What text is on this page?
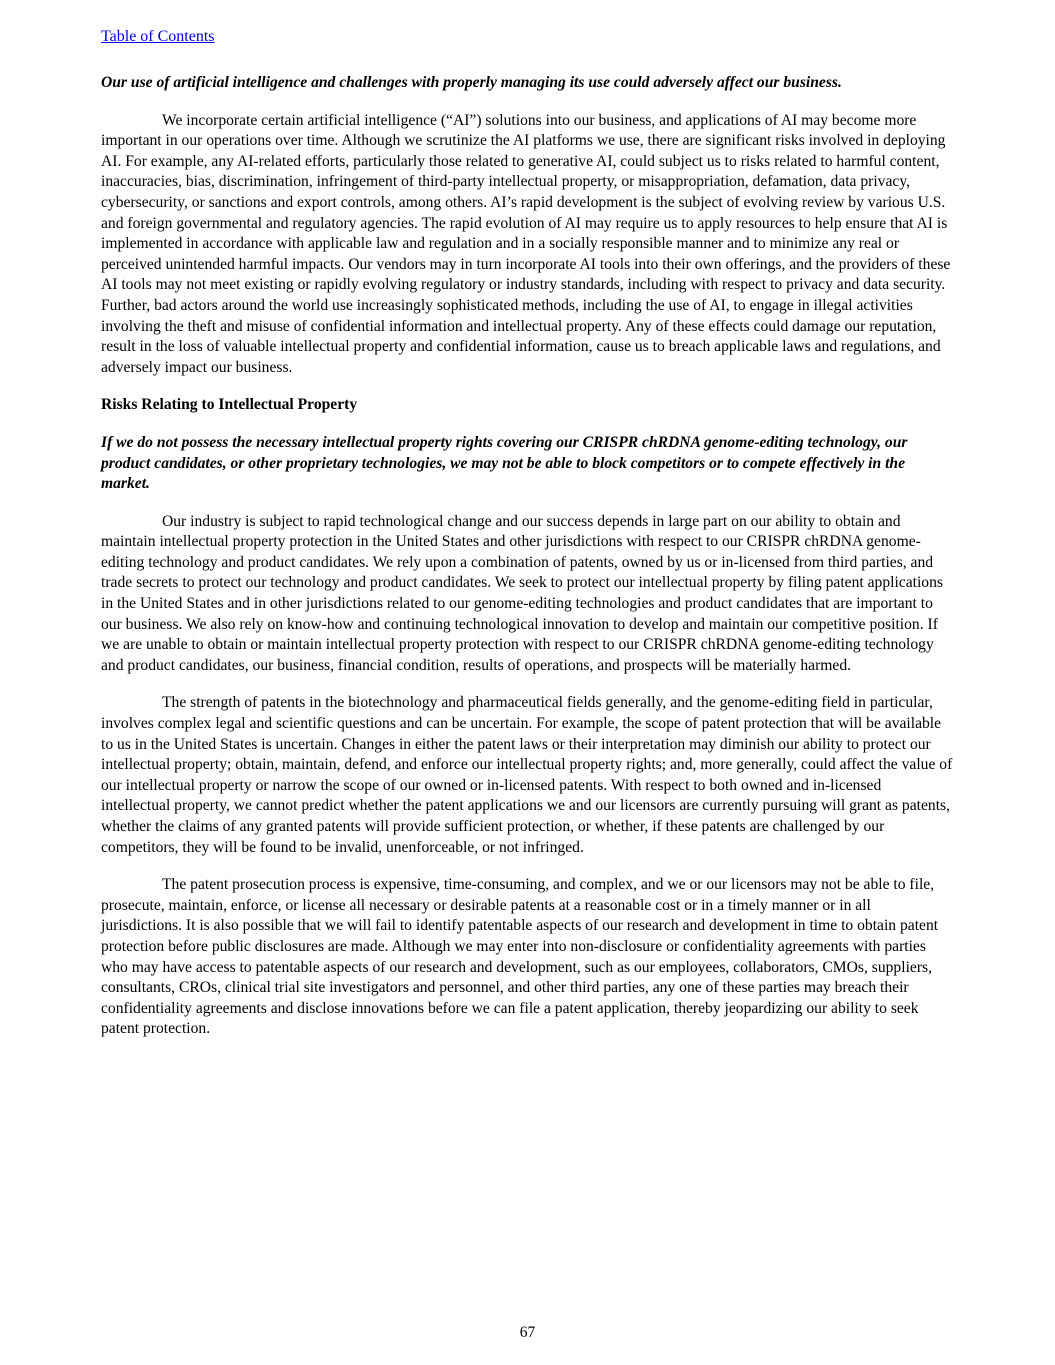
Table of Contents

Our use of artificial intelligence and challenges with properly managing its use could adversely affect our business.

We incorporate certain artificial intelligence (“AI”) solutions into our business, and applications of AI may become more important in our operations over time. Although we scrutinize the AI platforms we use, there are significant risks involved in deploying AI. For example, any AI-related efforts, particularly those related to generative AI, could subject us to risks related to harmful content, inaccuracies, bias, discrimination, infringement of third-party intellectual property, or misappropriation, defamation, data privacy, cybersecurity, or sanctions and export controls, among others. AI’s rapid development is the subject of evolving review by various U.S. and foreign governmental and regulatory agencies. The rapid evolution of AI may require us to apply resources to help ensure that AI is implemented in accordance with applicable law and regulation and in a socially responsible manner and to minimize any real or perceived unintended harmful impacts. Our vendors may in turn incorporate AI tools into their own offerings, and the providers of these AI tools may not meet existing or rapidly evolving regulatory or industry standards, including with respect to privacy and data security. Further, bad actors around the world use increasingly sophisticated methods, including the use of AI, to engage in illegal activities involving the theft and misuse of confidential information and intellectual property. Any of these effects could damage our reputation, result in the loss of valuable intellectual property and confidential information, cause us to breach applicable laws and regulations, and adversely impact our business.

Risks Relating to Intellectual Property

If we do not possess the necessary intellectual property rights covering our CRISPR chRDNA genome-editing technology, our product candidates, or other proprietary technologies, we may not be able to block competitors or to compete effectively in the market.

Our industry is subject to rapid technological change and our success depends in large part on our ability to obtain and maintain intellectual property protection in the United States and other jurisdictions with respect to our CRISPR chRDNA genome-editing technology and product candidates. We rely upon a combination of patents, owned by us or in-licensed from third parties, and trade secrets to protect our technology and product candidates. We seek to protect our intellectual property by filing patent applications in the United States and in other jurisdictions related to our genome-editing technologies and product candidates that are important to our business. We also rely on know-how and continuing technological innovation to develop and maintain our competitive position. If we are unable to obtain or maintain intellectual property protection with respect to our CRISPR chRDNA genome-editing technology and product candidates, our business, financial condition, results of operations, and prospects will be materially harmed.

The strength of patents in the biotechnology and pharmaceutical fields generally, and the genome-editing field in particular, involves complex legal and scientific questions and can be uncertain. For example, the scope of patent protection that will be available to us in the United States is uncertain. Changes in either the patent laws or their interpretation may diminish our ability to protect our intellectual property; obtain, maintain, defend, and enforce our intellectual property rights; and, more generally, could affect the value of our intellectual property or narrow the scope of our owned or in-licensed patents. With respect to both owned and in-licensed intellectual property, we cannot predict whether the patent applications we and our licensors are currently pursuing will grant as patents, whether the claims of any granted patents will provide sufficient protection, or whether, if these patents are challenged by our competitors, they will be found to be invalid, unenforceable, or not infringed.

The patent prosecution process is expensive, time-consuming, and complex, and we or our licensors may not be able to file, prosecute, maintain, enforce, or license all necessary or desirable patents at a reasonable cost or in a timely manner or in all jurisdictions. It is also possible that we will fail to identify patentable aspects of our research and development in time to obtain patent protection before public disclosures are made. Although we may enter into non-disclosure or confidentiality agreements with parties who may have access to patentable aspects of our research and development, such as our employees, collaborators, CMOs, suppliers, consultants, CROs, clinical trial site investigators and personnel, and other third parties, any one of these parties may breach their confidentiality agreements and disclose innovations before we can file a patent application, thereby jeopardizing our ability to seek patent protection.

67
